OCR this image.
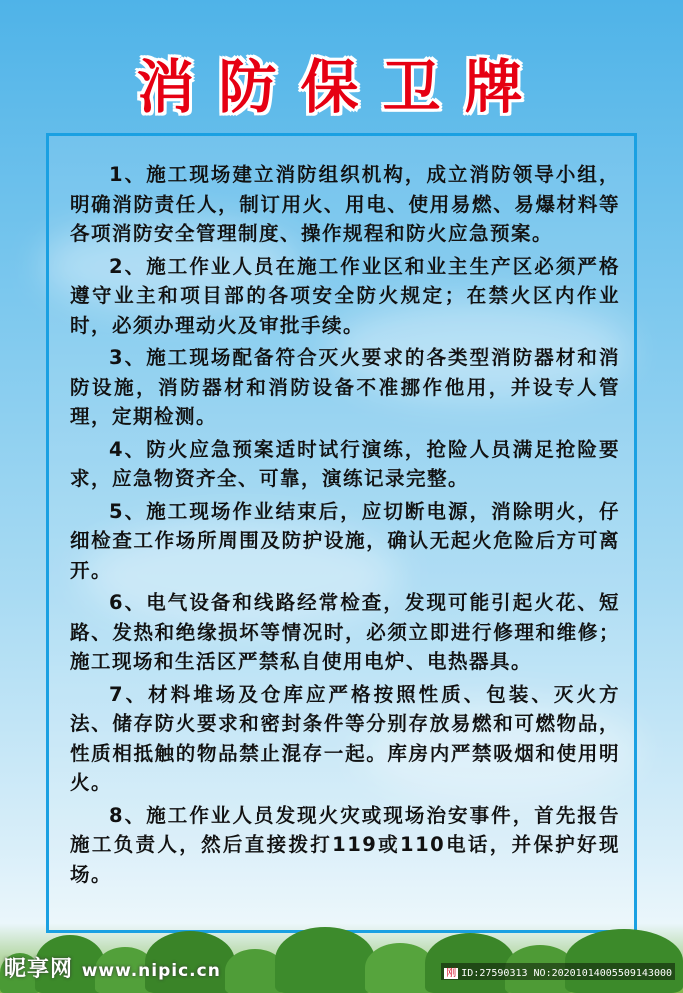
消防保卫牌

1、施工现场建立消防组织机构，成立消防领导小组，明确消防责任人，制订用火、用电、使用易燃、易爆材料等各项消防安全管理制度、操作规程和防火应急预案。

2、施工作业人员在施工作业区和业主生产区必须严格遵守业主和项目部的各项安全防火规定；在禁火区内作业时，必须办理动火及审批手续。

3、施工现场配备符合灭火要求的各类型消防器材和消防设施，消防器材和消防设备不准挪作他用，并设专人管理，定期检测。

4、防火应急预案适时试行演练，抢险人员满足抢险要求，应急物资齐全、可靠，演练记录完整。

5、施工现场作业结束后，应切断电源，消除明火，仔细检查工作场所周围及防护设施，确认无起火危险后方可离开。

6、电气设备和线路经常检查，发现可能引起火花、短路、发热和绝缘损坏等情况时，必须立即进行修理和维修；施工现场和生活区严禁私自使用电炉、电热器具。

7、材料堆场及仓库应严格按照性质、包装、灭火方法、储存防火要求和密封条件等分别存放易燃和可燃物品，性质相抵触的物品禁止混存一起。库房内严禁吸烟和使用明火。

8、施工作业人员发现火灾或现场治安事件，首先报告施工负责人，然后直接拨打119或110电话，并保护好现场。

昵享网 www.nipic.cn	刚 ID:27590313 NO:20201014005509143000
